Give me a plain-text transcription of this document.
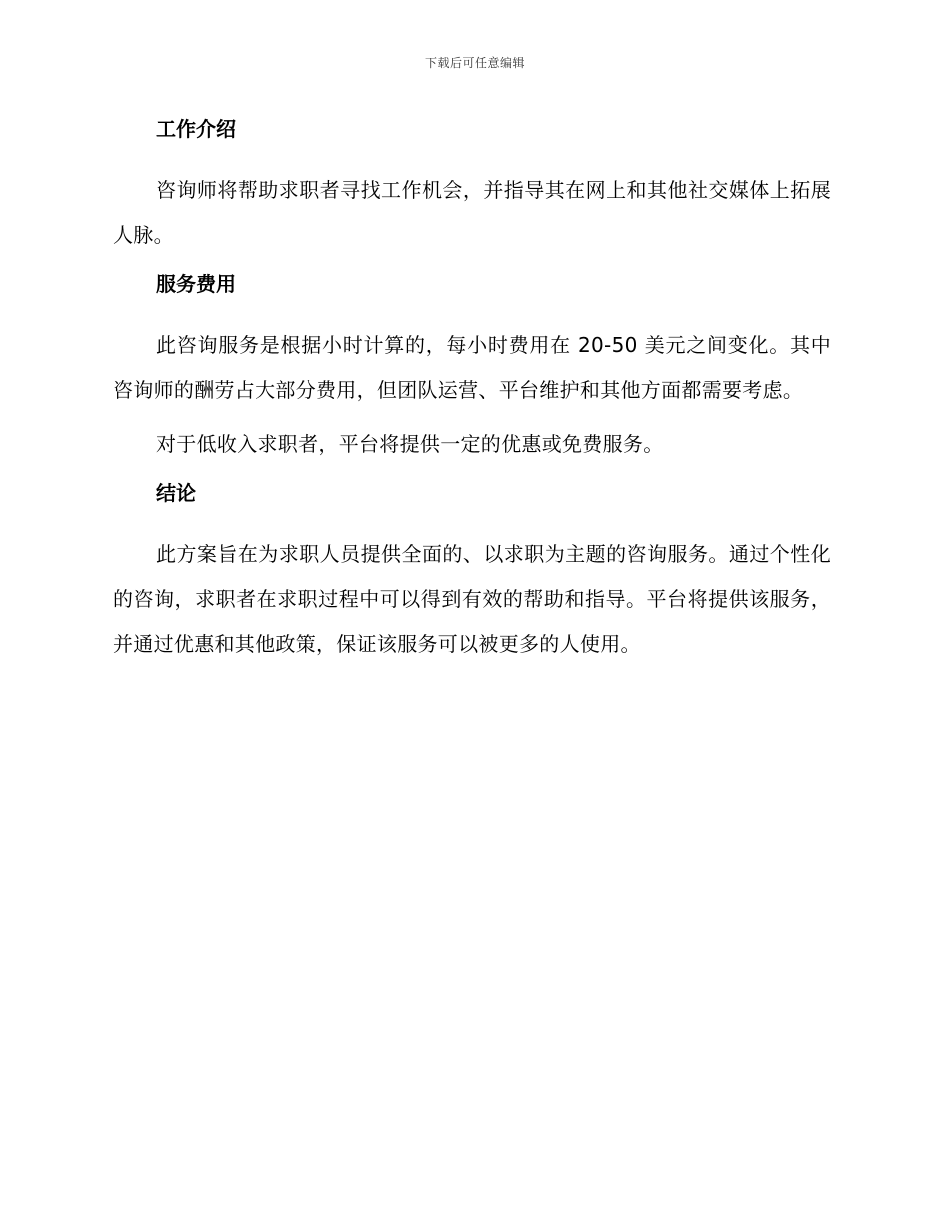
下载后可任意编辑
工作介绍

咨询师将帮助求职者寻找工作机会，并指导其在网上和其他社交媒体上拓展人脉。

服务费用

此咨询服务是根据小时计算的，每小时费用在 20-50 美元之间变化。其中咨询师的酬劳占大部分费用，但团队运营、平台维护和其他方面都需要考虑。

对于低收入求职者，平台将提供一定的优惠或免费服务。

结论

此方案旨在为求职人员提供全面的、以求职为主题的咨询服务。通过个性化的咨询，求职者在求职过程中可以得到有效的帮助和指导。平台将提供该服务，并通过优惠和其他政策，保证该服务可以被更多的人使用。
